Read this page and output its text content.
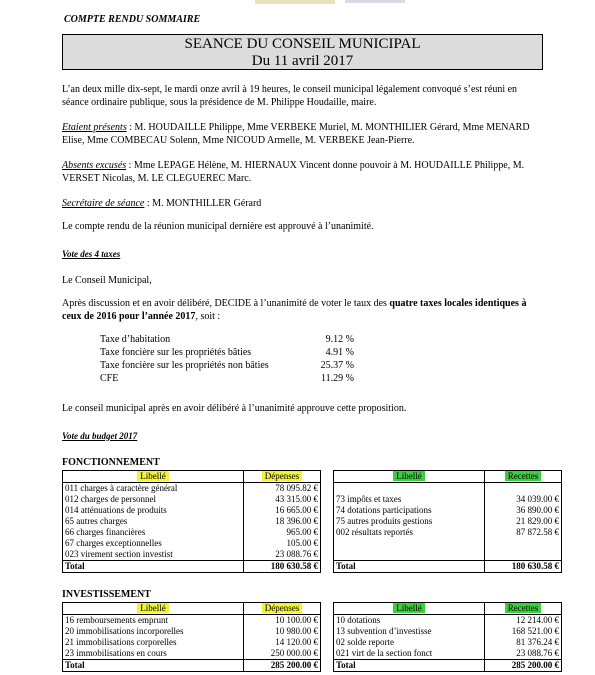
COMPTE RENDU SOMMAIRE
SEANCE DU CONSEIL MUNICIPAL
Du 11 avril 2017
L’an deux mille dix-sept, le mardi onze avril à 19 heures, le conseil municipal légalement convoqué s’est réuni en séance ordinaire publique, sous la présidence de M. Philippe Houdaille, maire.
Etaient présents : M. HOUDAILLE Philippe, Mme VERBEKE Muriel, M. MONTHILIER Gérard, Mme MENARD Elise, Mme COMBECAU Solenn, Mme NICOUD Armelle, M. VERBEKE Jean-Pierre.
Absents excusés : Mme LEPAGE Hélène, M. HIERNAUX Vincent donne pouvoir à M. HOUDAILLE Philippe, M. VERSET Nicolas, M. LE CLEGUEREC Marc.
Secrétaire de séance : M. MONTHILLER Gérard
Le compte rendu de la réunion municipal dernière est approuvé à l’unanimité.
Vote des 4 taxes
Le Conseil Municipal,
Après discussion et en avoir délibéré, DECIDE à l’unanimité de voter le taux des quatre taxes locales identiques à ceux de 2016 pour l’année 2017, soit :
Taxe d’habitation	9.12 %
Taxe foncière sur les propriétés bâties	4.91 %
Taxe foncière sur les propriétés non bâties	25.37 %
CFE	11.29 %
Le conseil municipal après en avoir délibéré à l’unanimité approuve cette proposition.
Vote du budget 2017
FONCTIONNEMENT
Libellé	Dépenses		Libellé	Recettes
011 charges à caractère général	78 095.82 €			
012 charges de personnel	43 315.00 €		73 impôts et taxes	34 039.00 €
014 atténuations de produits	16 665.00 €		74 dotations participations	36 890.00 €
65 autres charges	18 396.00 €		75 autres produits gestions	21 829.00 €
66 charges financières	965.00 €		002 résultats reportés	87 872.58 €
67 charges exceptionnelles	105.00 €			
023 virement section investist	23 088.76 €			
Total	180 630.58 €		Total	180 630.58 €
INVESTISSEMENT
Libellé	Dépenses		Libellé	Recettes
16 remboursements emprunt	10 100.00 €		10 dotations	12 214.00 €
20 immobilisations incorporelles	10 980.00 €		13 subvention d’investisse	168 521.00 €
21 immobilisations corporelles	14 120.00 €		02 solde reporte	81 376.24 €
23 immobilisations en cours	250 000.00 €		021 virt de la section fonct	23 088.76 €
Total	285 200.00 €		Total	285 200.00 €
